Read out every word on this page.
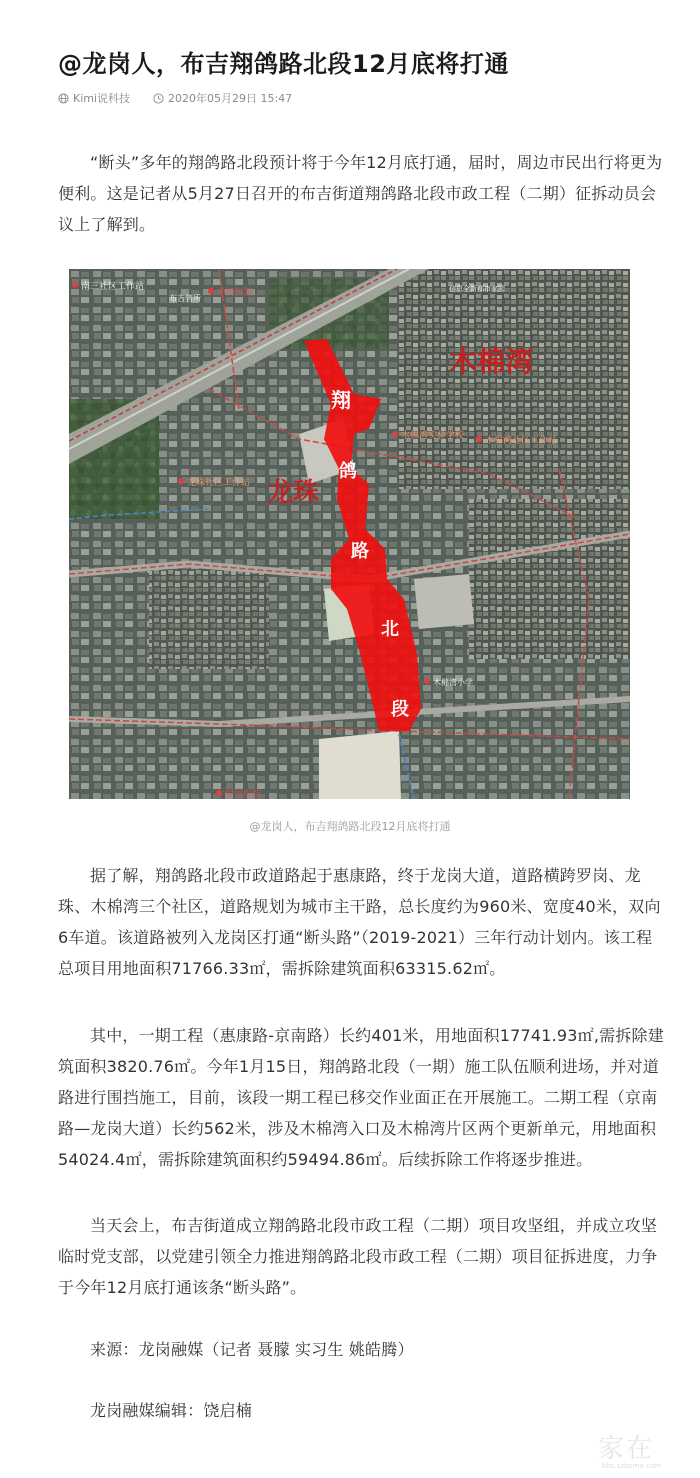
@龙岗人，布吉翔鸽路北段12月底将打通
Kimi说科技	2020年05月29日 15:47

“断头”多年的翔鸽路北段预计将于今年12月底打通，届时，周边市民出行将更为便利。这是记者从5月27日召开的布吉街道翔鸽路北段市政工程（二期）征拆动员会议上了解到。

翔
鸽
路
北
段
木棉湾
龙珠
南三社区工作站
布吉管所
中海医院	信息全新都市家园
木棉湾实验学校 木棉湾社区工作站
龙珠社区工作站
木棉湾小学
罗岗医院
@龙岗人，布吉翔鸽路北段12月底将打通

据了解，翔鸽路北段市政道路起于惠康路，终于龙岗大道，道路横跨罗岗、龙珠、木棉湾三个社区，道路规划为城市主干路，总长度约为960米、宽度40米，双向6车道。该道路被列入龙岗区打通“断头路”（2019-2021）三年行动计划内。该工程总项目用地面积71766.33㎡，需拆除建筑面积63315.62㎡。

其中，一期工程（惠康路-京南路）长约401米，用地面积17741.93㎡,需拆除建筑面积3820.76㎡。今年1月15日，翔鸽路北段（一期）施工队伍顺利进场，并对道路进行围挡施工，目前，该段一期工程已移交作业面正在开展施工。二期工程（京南路—龙岗大道）长约562米，涉及木棉湾入口及木棉湾片区两个更新单元，用地面积54024.4㎡，需拆除建筑面积约59494.86㎡。后续拆除工作将逐步推进。

当天会上，布吉街道成立翔鸽路北段市政工程（二期）项目攻坚组，并成立攻坚临时党支部，以党建引领全力推进翔鸽路北段市政工程（二期）项目征拆进度，力争于今年12月底打通该条“断头路”。

来源：龙岗融媒（记者 聂朦 实习生 姚皓腾）

龙岗融媒编辑：饶启楠

家在
bbs.szhome.com
